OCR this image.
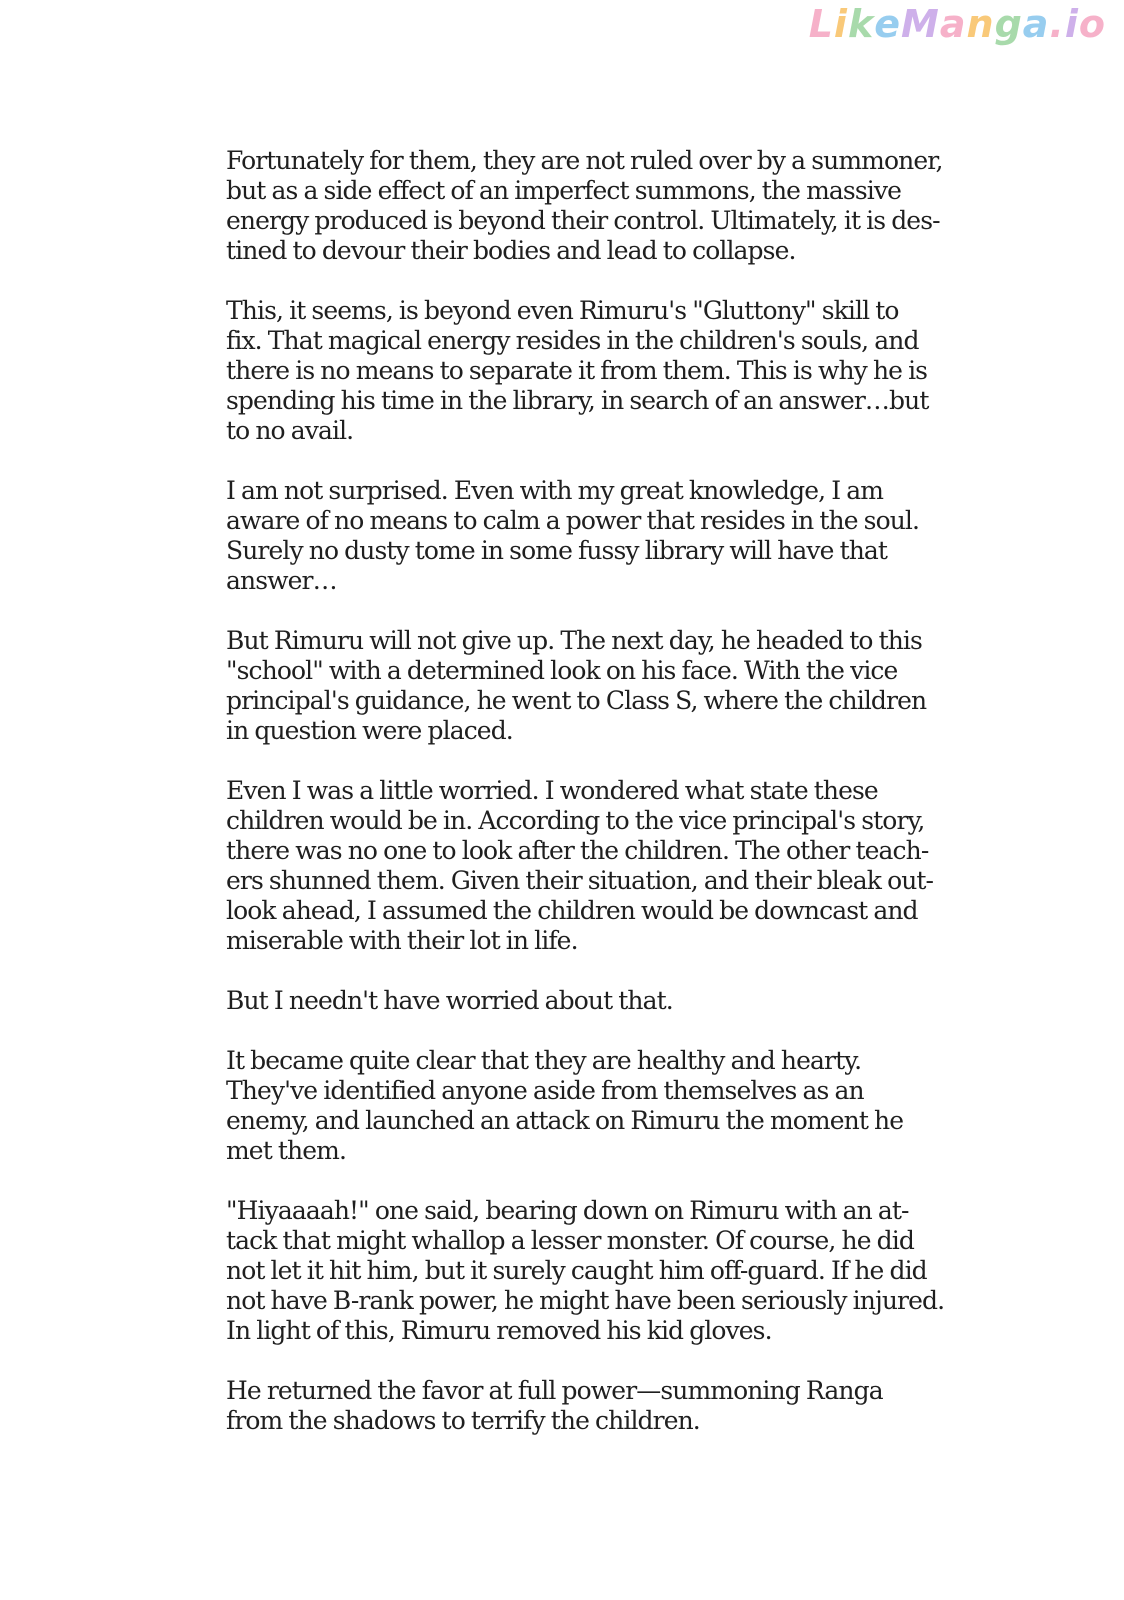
LikeManga.io

Fortunately for them, they are not ruled over by a summoner,
but as a side effect of an imperfect summons, the massive
energy produced is beyond their control. Ultimately, it is des-
tined to devour their bodies and lead to collapse.

This, it seems, is beyond even Rimuru's "Gluttony" skill to
fix. That magical energy resides in the children's souls, and
there is no means to separate it from them. This is why he is
spending his time in the library, in search of an answer…but
to no avail.

I am not surprised. Even with my great knowledge, I am
aware of no means to calm a power that resides in the soul.
Surely no dusty tome in some fussy library will have that
answer…

But Rimuru will not give up. The next day, he headed to this
"school" with a determined look on his face. With the vice
principal's guidance, he went to Class S, where the children
in question were placed.

Even I was a little worried. I wondered what state these
children would be in. According to the vice principal's story,
there was no one to look after the children. The other teach-
ers shunned them. Given their situation, and their bleak out-
look ahead, I assumed the children would be downcast and
miserable with their lot in life.

But I needn't have worried about that.

It became quite clear that they are healthy and hearty.
They've identified anyone aside from themselves as an
enemy, and launched an attack on Rimuru the moment he
met them.

"Hiyaaaah!" one said, bearing down on Rimuru with an at-
tack that might whallop a lesser monster. Of course, he did
not let it hit him, but it surely caught him off-guard. If he did
not have B-rank power, he might have been seriously injured.
In light of this, Rimuru removed his kid gloves.

He returned the favor at full power—summoning Ranga
from the shadows to terrify the children.
